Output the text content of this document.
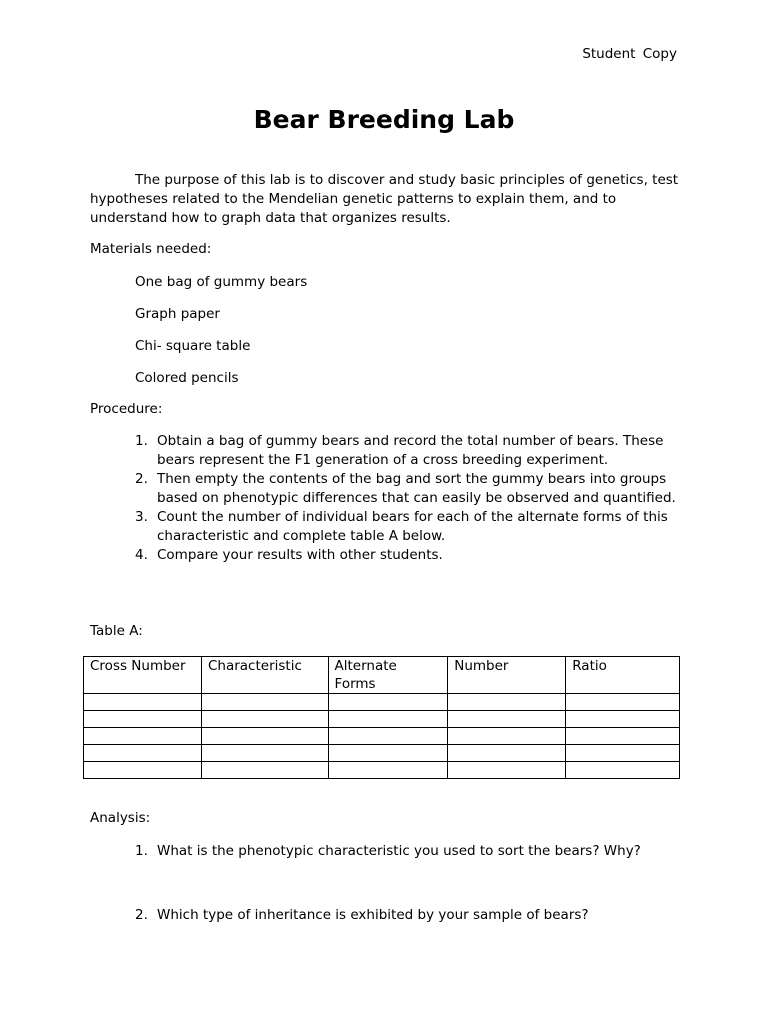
Student Copy
Bear Breeding Lab

The purpose of this lab is to discover and study basic principles of genetics, test hypotheses related to the Mendelian genetic patterns to explain them, and to understand how to graph data that organizes results.

Materials needed:

One bag of gummy bears
Graph paper
Chi- square table
Colored pencils

Procedure:

1. Obtain a bag of gummy bears and record the total number of bears. These bears represent the F1 generation of a cross breeding experiment.
2. Then empty the contents of the bag and sort the gummy bears into groups based on phenotypic differences that can easily be observed and quantified.
3. Count the number of individual bears for each of the alternate forms of this characteristic and complete table A below.
4. Compare your results with other students.

Table A:

Cross Number	Characteristic	Alternate Forms	Number	Ratio

Analysis:

1. What is the phenotypic characteristic you used to sort the bears? Why?
2. Which type of inheritance is exhibited by your sample of bears?
